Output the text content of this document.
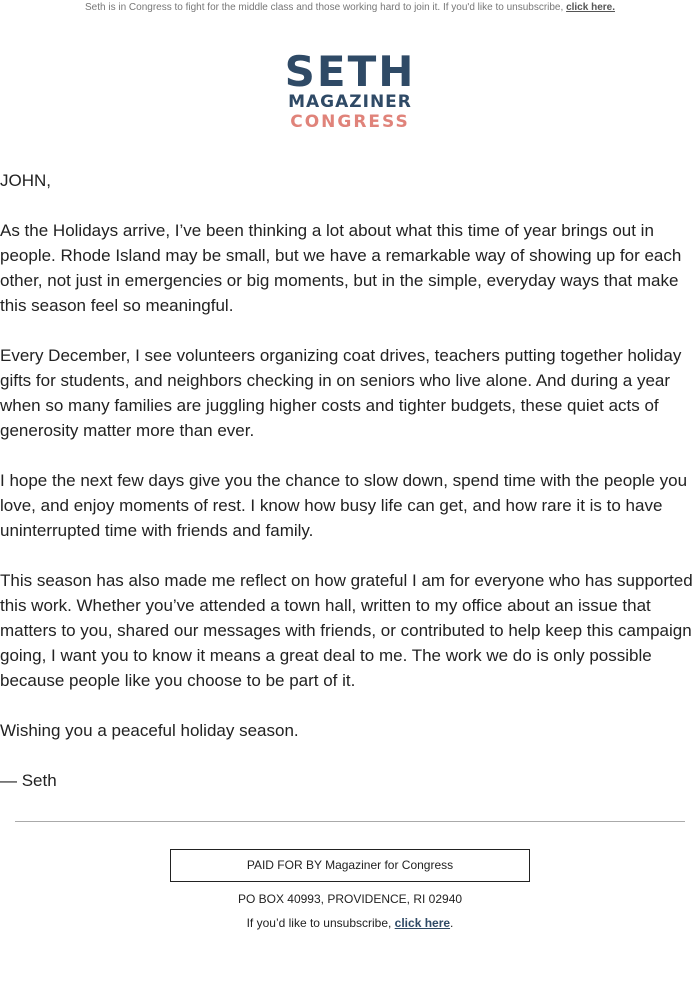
Seth is in Congress to fight for the middle class and those working hard to join it. If you'd like to unsubscribe, click here.
SETH
MAGAZINER
CONGRESS

JOHN,

As the Holidays arrive, I’ve been thinking a lot about what this time of year brings out in people. Rhode Island may be small, but we have a remarkable way of showing up for each other, not just in emergencies or big moments, but in the simple, everyday ways that make this season feel so meaningful.

Every December, I see volunteers organizing coat drives, teachers putting together holiday gifts for students, and neighbors checking in on seniors who live alone. And during a year when so many families are juggling higher costs and tighter budgets, these quiet acts of generosity matter more than ever.

I hope the next few days give you the chance to slow down, spend time with the people you love, and enjoy moments of rest. I know how busy life can get, and how rare it is to have uninterrupted time with friends and family.

This season has also made me reflect on how grateful I am for everyone who has supported this work. Whether you’ve attended a town hall, written to my office about an issue that matters to you, shared our messages with friends, or contributed to help keep this campaign going, I want you to know it means a great deal to me. The work we do is only possible because people like you choose to be part of it.

Wishing you a peaceful holiday season.

— Seth

PAID FOR BY Magaziner for Congress
PO BOX 40993, PROVIDENCE, RI 02940
If you’d like to unsubscribe, click here.
